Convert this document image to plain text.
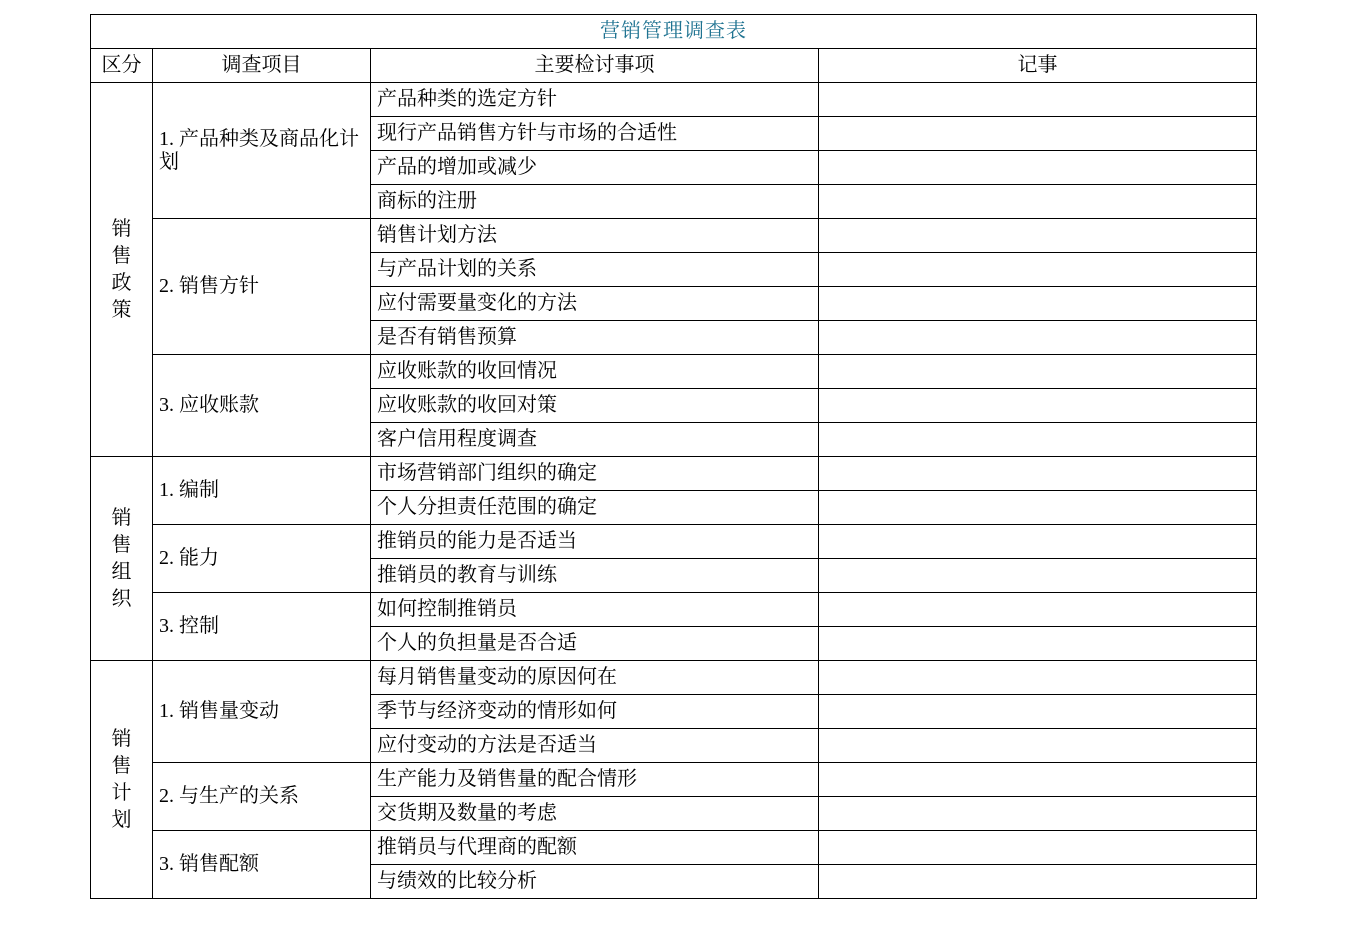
营销管理调查表			
区分	调查项目	主要检讨事项	记事

销售政策	1. 产品种类及商品化计划	产品种类的选定方针	
		现行产品销售方针与市场的合适性	
		产品的增加或减少	
		商标的注册	
	2. 销售方针	销售计划方法	
		与产品计划的关系	
		应付需要量变化的方法	
		是否有销售预算	
	3. 应收账款	应收账款的收回情况	
		应收账款的收回对策	
		客户信用程度调查	

销售组织	1. 编制	市场营销部门组织的确定	
		个人分担责任范围的确定	
	2. 能力	推销员的能力是否适当	
		推销员的教育与训练	
	3. 控制	如何控制推销员	
		个人的负担量是否合适	

销售计划	1. 销售量变动	每月销售量变动的原因何在	
		季节与经济变动的情形如何	
		应付变动的方法是否适当	
	2. 与生产的关系	生产能力及销售量的配合情形	
		交货期及数量的考虑	
	3. 销售配额	推销员与代理商的配额	
		与绩效的比较分析	
